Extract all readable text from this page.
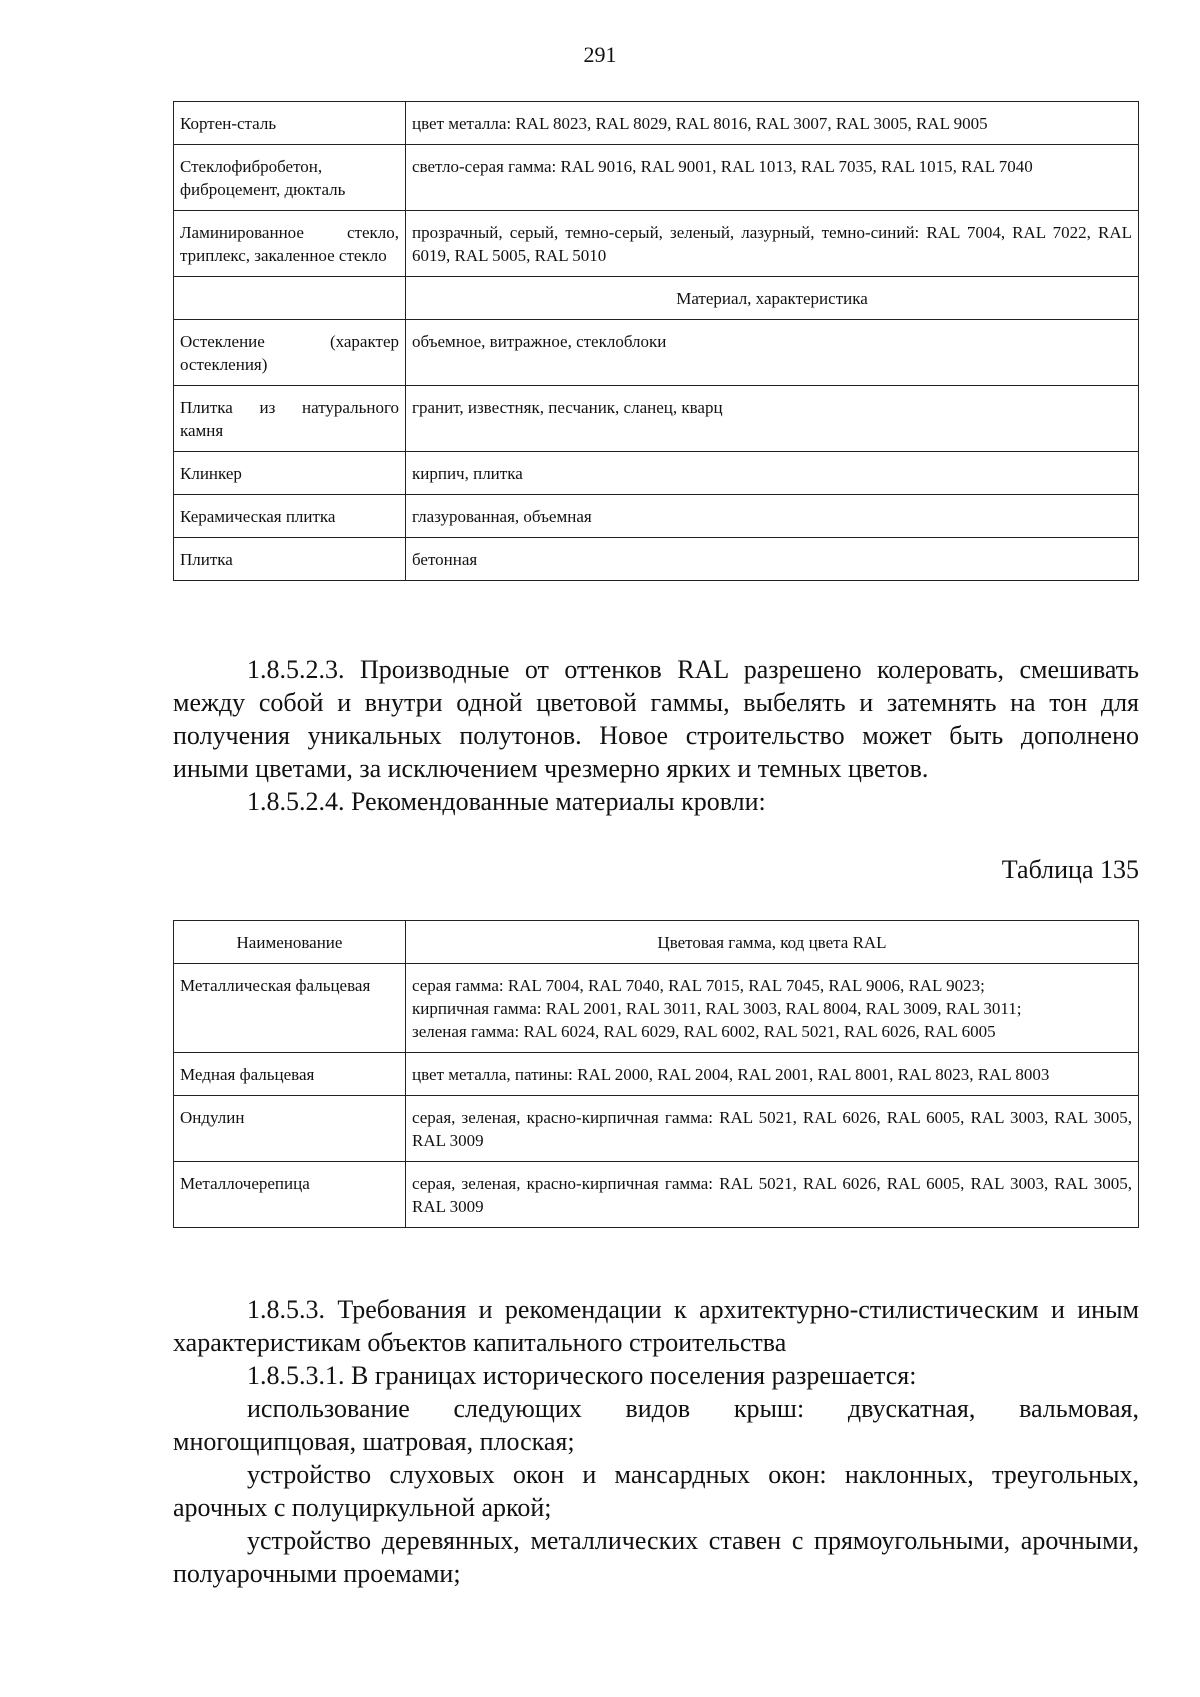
291
Кортен-сталь	цвет металла: RAL 8023, RAL 8029, RAL 8016, RAL 3007, RAL 3005, RAL 9005
Стеклофибробетон, фиброцемент, дюкталь	светло-серая гамма: RAL 9016, RAL 9001, RAL 1013, RAL 7035, RAL 1015, RAL 7040
Ламинированное стекло, триплекс, закаленное стекло	прозрачный, серый, темно-серый, зеленый, лазурный, темно-синий: RAL 7004, RAL 7022, RAL 6019, RAL 5005, RAL 5010
	Материал, характеристика
Остекление (характер остекления)	объемное, витражное, стеклоблоки
Плитка из натурального камня	гранит, известняк, песчаник, сланец, кварц
Клинкер	кирпич, плитка
Керамическая плитка	глазурованная, объемная
Плитка	бетонная

1.8.5.2.3. Производные от оттенков RAL разрешено колеровать, смешивать между собой и внутри одной цветовой гаммы, выбелять и затемнять на тон для получения уникальных полутонов. Новое строительство может быть дополнено иными цветами, за исключением чрезмерно ярких и темных цветов.

1.8.5.2.4. Рекомендованные материалы кровли:

Таблица 135
Наименование	Цветовая гамма, код цвета RAL
Металлическая фальцевая	серая гамма: RAL 7004, RAL 7040, RAL 7015, RAL 7045, RAL 9006, RAL 9023;
кирпичная гамма: RAL 2001, RAL 3011, RAL 3003, RAL 8004, RAL 3009, RAL 3011;
зеленая гамма: RAL 6024, RAL 6029, RAL 6002, RAL 5021, RAL 6026, RAL 6005

Медная фальцевая	цвет металла, патины: RAL 2000, RAL 2004, RAL 2001, RAL 8001, RAL 8023, RAL 8003
Ондулин	серая, зеленая, красно-кирпичная гамма: RAL 5021, RAL 6026, RAL 6005, RAL 3003, RAL 3005, RAL 3009
Металлочерепица	серая, зеленая, красно-кирпичная гамма: RAL 5021, RAL 6026, RAL 6005, RAL 3003, RAL 3005, RAL 3009

1.8.5.3. Требования и рекомендации к архитектурно-стилистическим и иным характеристикам объектов капитального строительства

1.8.5.3.1. В границах исторического поселения разрешается:

использование следующих видов крыш: двускатная, вальмовая, многощипцовая, шатровая, плоская;

устройство слуховых окон и мансардных окон: наклонных, треугольных, арочных с полуциркульной аркой;

устройство деревянных, металлических ставен с прямоугольными, арочными, полуарочными проемами;
